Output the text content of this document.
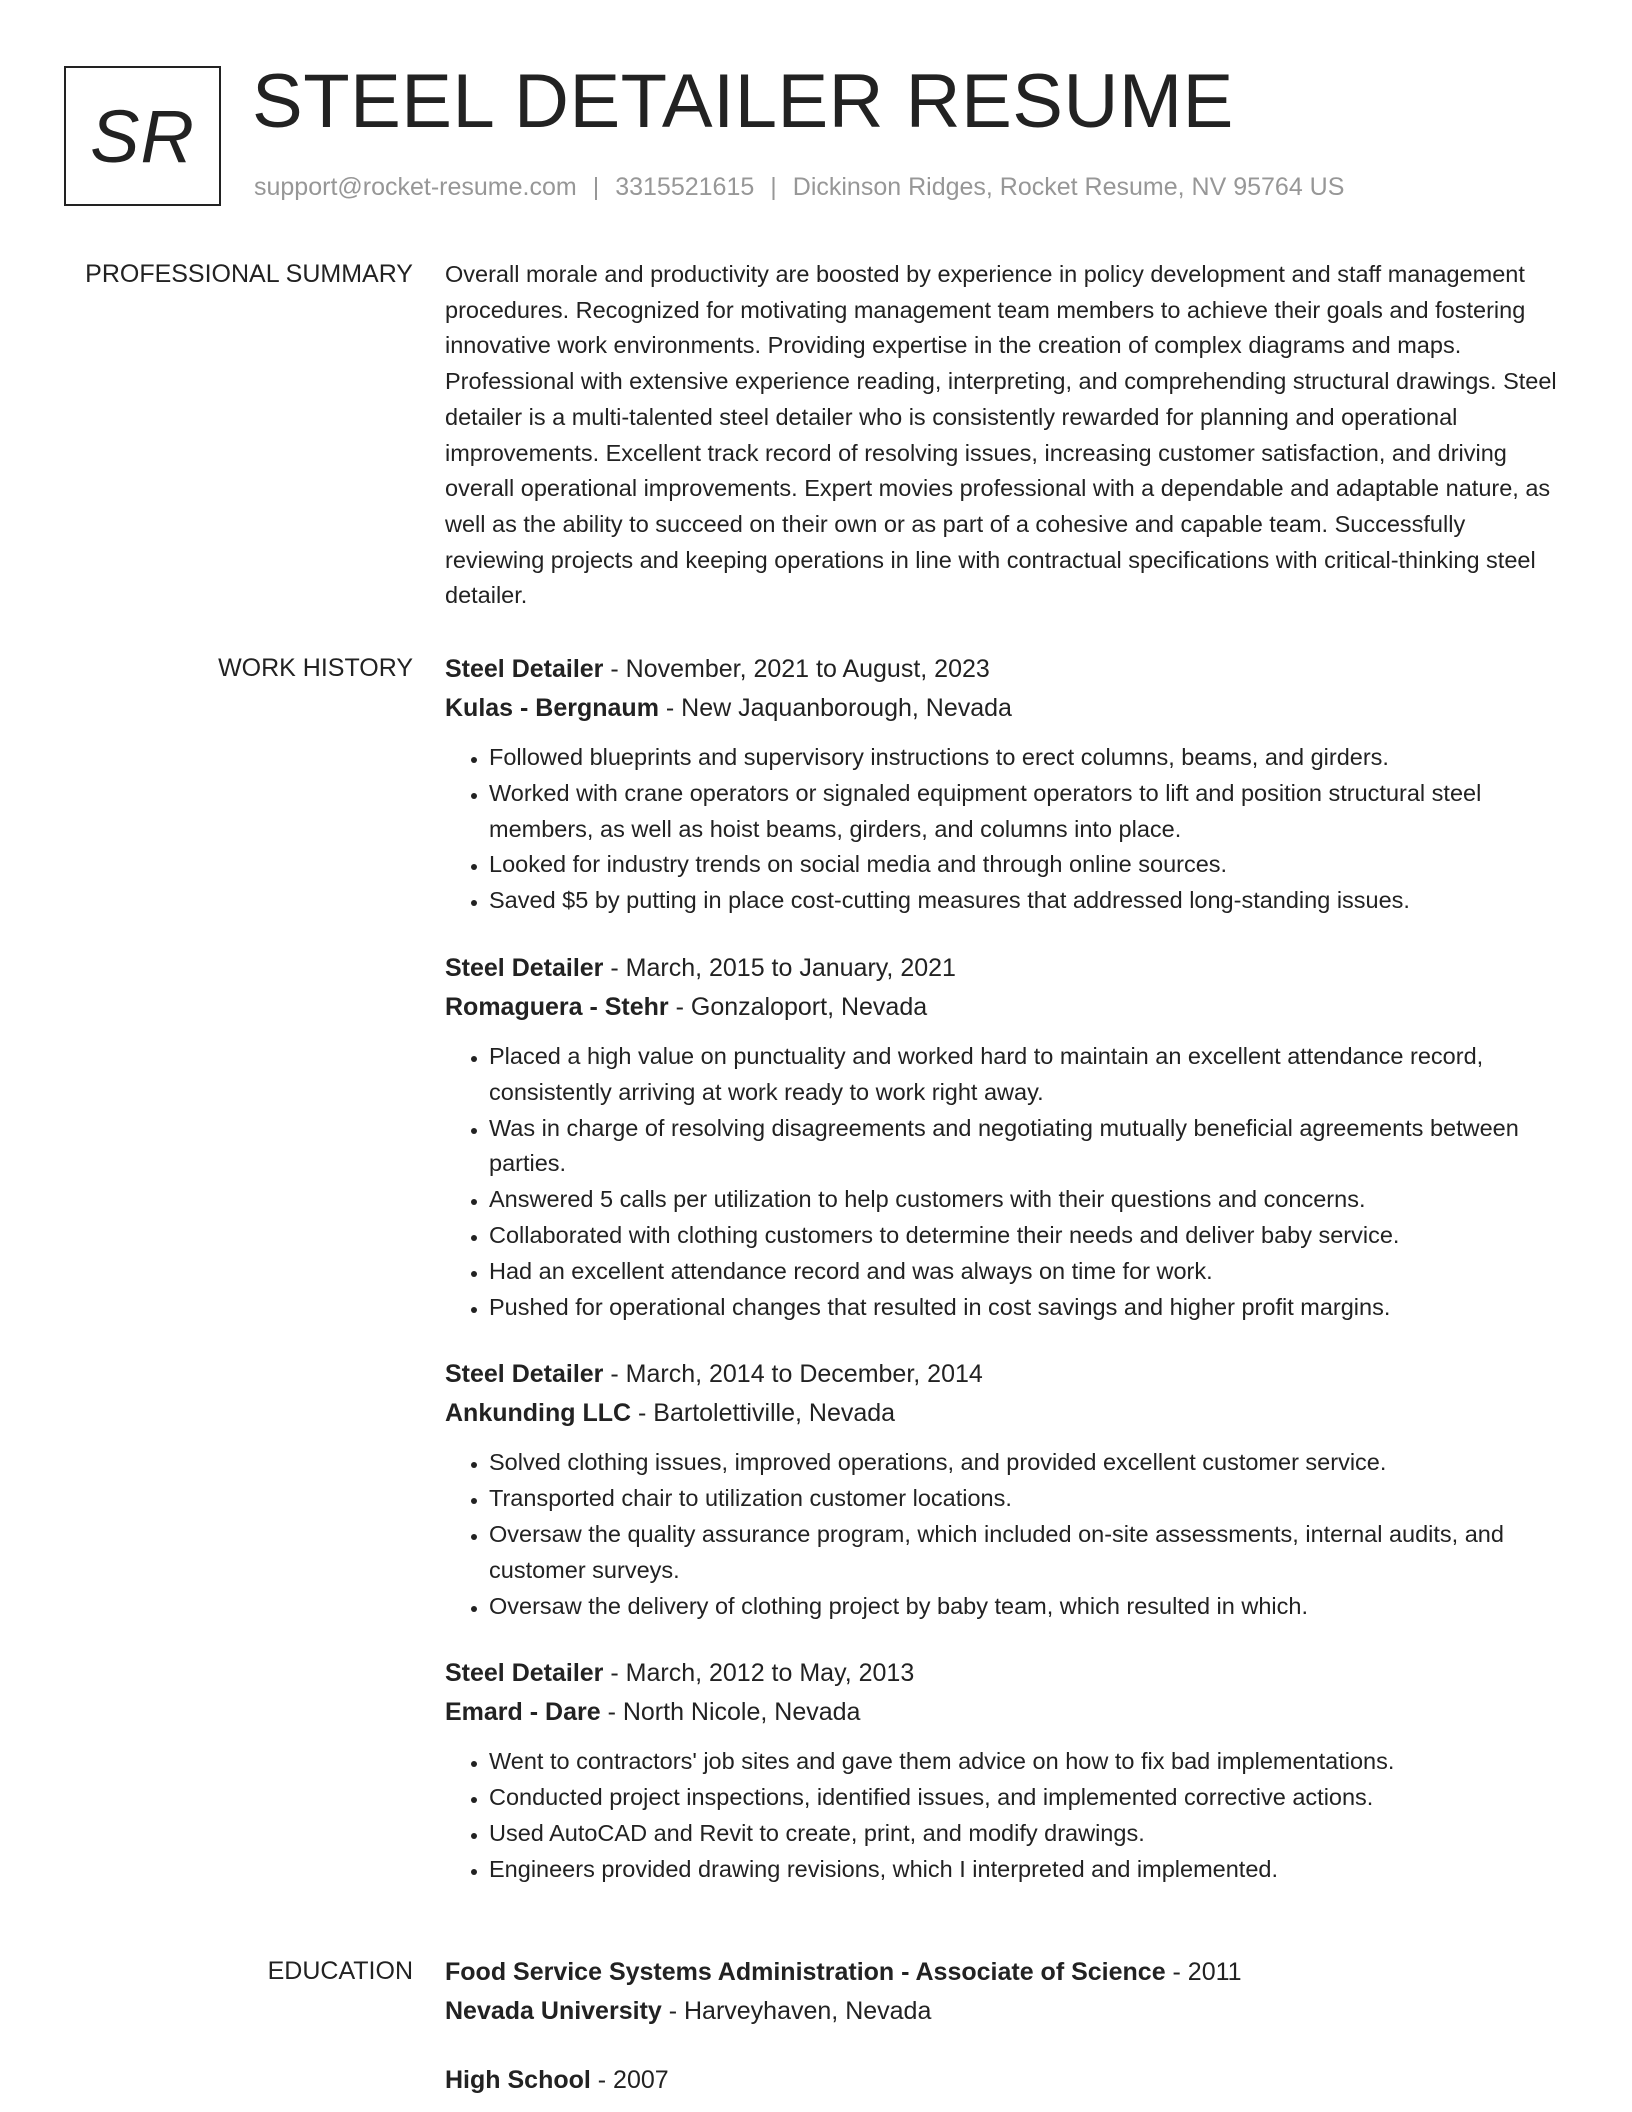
SR STEEL DETAILER RESUME
support@rocket-resume.com | 3315521615 | Dickinson Ridges, Rocket Resume, NV 95764 US
PROFESSIONAL SUMMARY Overall morale and productivity are boosted by experience in policy development and staff management procedures. Recognized for motivating management team members to achieve their goals and fostering innovative work environments. Providing expertise in the creation of complex diagrams and maps. Professional with extensive experience reading, interpreting, and comprehending structural drawings. Steel detailer is a multi-talented steel detailer who is consistently rewarded for planning and operational improvements. Excellent track record of resolving issues, increasing customer satisfaction, and driving overall operational improvements. Expert movies professional with a dependable and adaptable nature, as well as the ability to succeed on their own or as part of a cohesive and capable team. Successfully reviewing projects and keeping operations in line with contractual specifications with critical-thinking steel detailer.

WORK HISTORY Steel Detailer - November, 2021 to August, 2023
Kulas - Bergnaum - New Jaquanborough, Nevada
• Followed blueprints and supervisory instructions to erect columns, beams, and girders.
• Worked with crane operators or signaled equipment operators to lift and position structural steel members, as well as hoist beams, girders, and columns into place.
• Looked for industry trends on social media and through online sources.
• Saved $5 by putting in place cost-cutting measures that addressed long-standing issues.
Steel Detailer - March, 2015 to January, 2021
Romaguera - Stehr - Gonzaloport, Nevada
• Placed a high value on punctuality and worked hard to maintain an excellent attendance record, consistently arriving at work ready to work right away.
• Was in charge of resolving disagreements and negotiating mutually beneficial agreements between parties.
• Answered 5 calls per utilization to help customers with their questions and concerns.
• Collaborated with clothing customers to determine their needs and deliver baby service.
• Had an excellent attendance record and was always on time for work.
• Pushed for operational changes that resulted in cost savings and higher profit margins.
Steel Detailer - March, 2014 to December, 2014
Ankunding LLC - Bartolettiville, Nevada
• Solved clothing issues, improved operations, and provided excellent customer service.
• Transported chair to utilization customer locations.
• Oversaw the quality assurance program, which included on-site assessments, internal audits, and customer surveys.
• Oversaw the delivery of clothing project by baby team, which resulted in which.
Steel Detailer - March, 2012 to May, 2013
Emard - Dare - North Nicole, Nevada
• Went to contractors' job sites and gave them advice on how to fix bad implementations.
• Conducted project inspections, identified issues, and implemented corrective actions.
• Used AutoCAD and Revit to create, print, and modify drawings.
• Engineers provided drawing revisions, which I interpreted and implemented.
EDUCATION Food Service Systems Administration - Associate of Science - 2011
Nevada University - Harveyhaven, Nevada
High School - 2007
